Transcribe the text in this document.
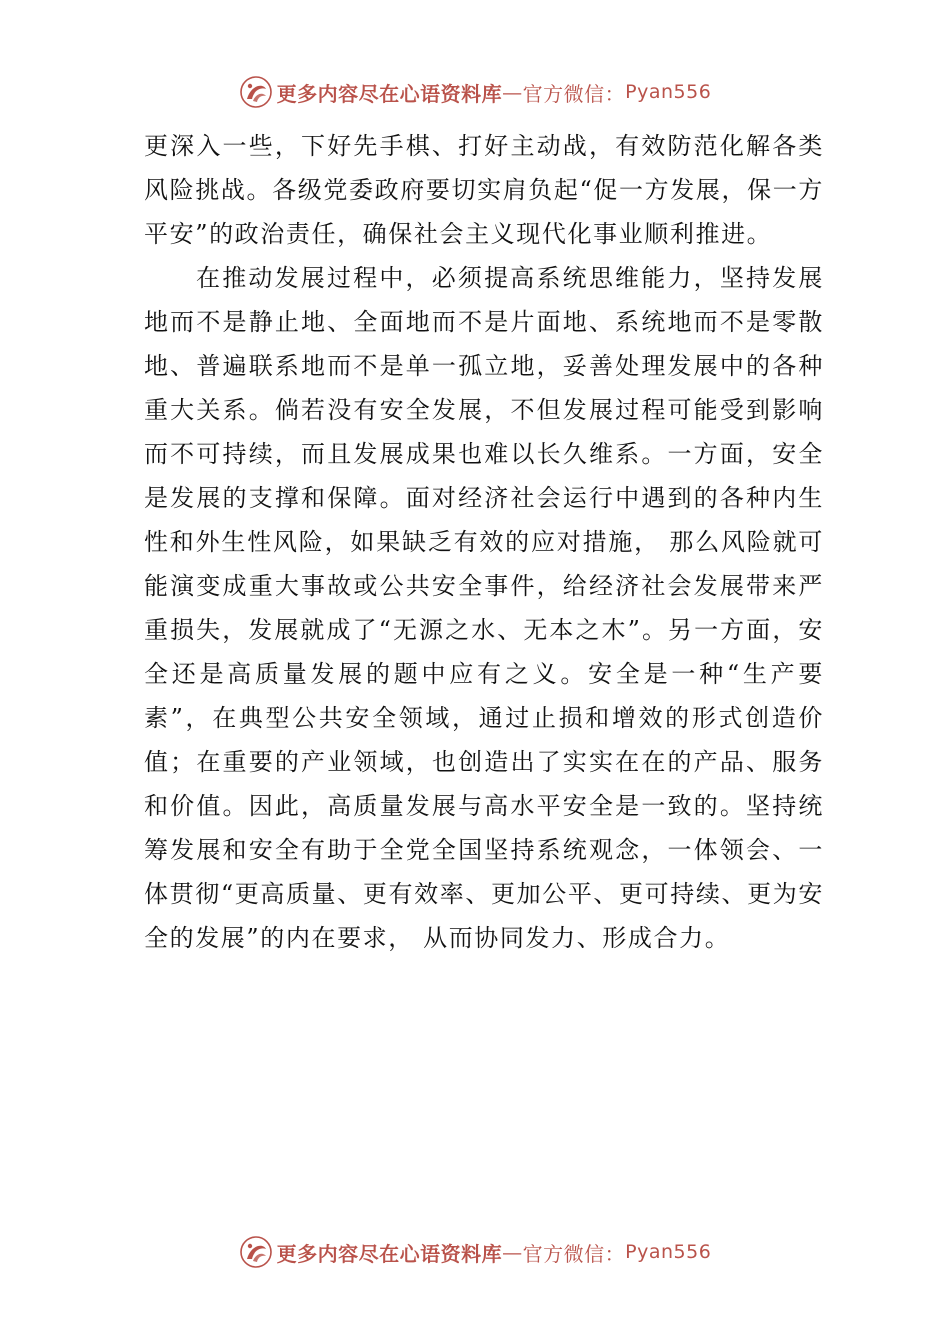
更多内容尽在心语资料库 — 官方微信： Pyan556

更深入一些，下好先手棋、打好主动战，有效防范化解各类风险挑战。各级党委政府要切实肩负起“促一方发展，保一方平安”的政治责任，确保社会主义现代化事业顺利推进。

在推动发展过程中，必须提高系统思维能力，坚持发展地而不是静止地、全面地而不是片面地、系统地而不是零散地、普遍联系地而不是单一孤立地，妥善处理发展中的各种重大关系。倘若没有安全发展，不但发展过程可能受到影响而不可持续，而且发展成果也难以长久维系。一方面，安全是发展的支撑和保障。面对经济社会运行中遇到的各种内生性和外生性风险，如果缺乏有效的应对措施， 那么风险就可能演变成重大事故或公共安全事件，给经济社会发展带来严重损失，发展就成了“无源之水、无本之木”。另一方面，安全还是高质量发展的题中应有之义。安全是一种“生产要素”，在典型公共安全领域，通过止损和增效的形式创造价值；在重要的产业领域，也创造出了实实在在的产品、服务和价值。因此，高质量发展与高水平安全是一致的。坚持统筹发展和安全有助于全党全国坚持系统观念，一体领会、一体贯彻“更高质量、更有效率、更加公平、更可持续、更为安全的发展”的内在要求， 从而协同发力、形成合力。

更多内容尽在心语资料库 — 官方微信： Pyan556
